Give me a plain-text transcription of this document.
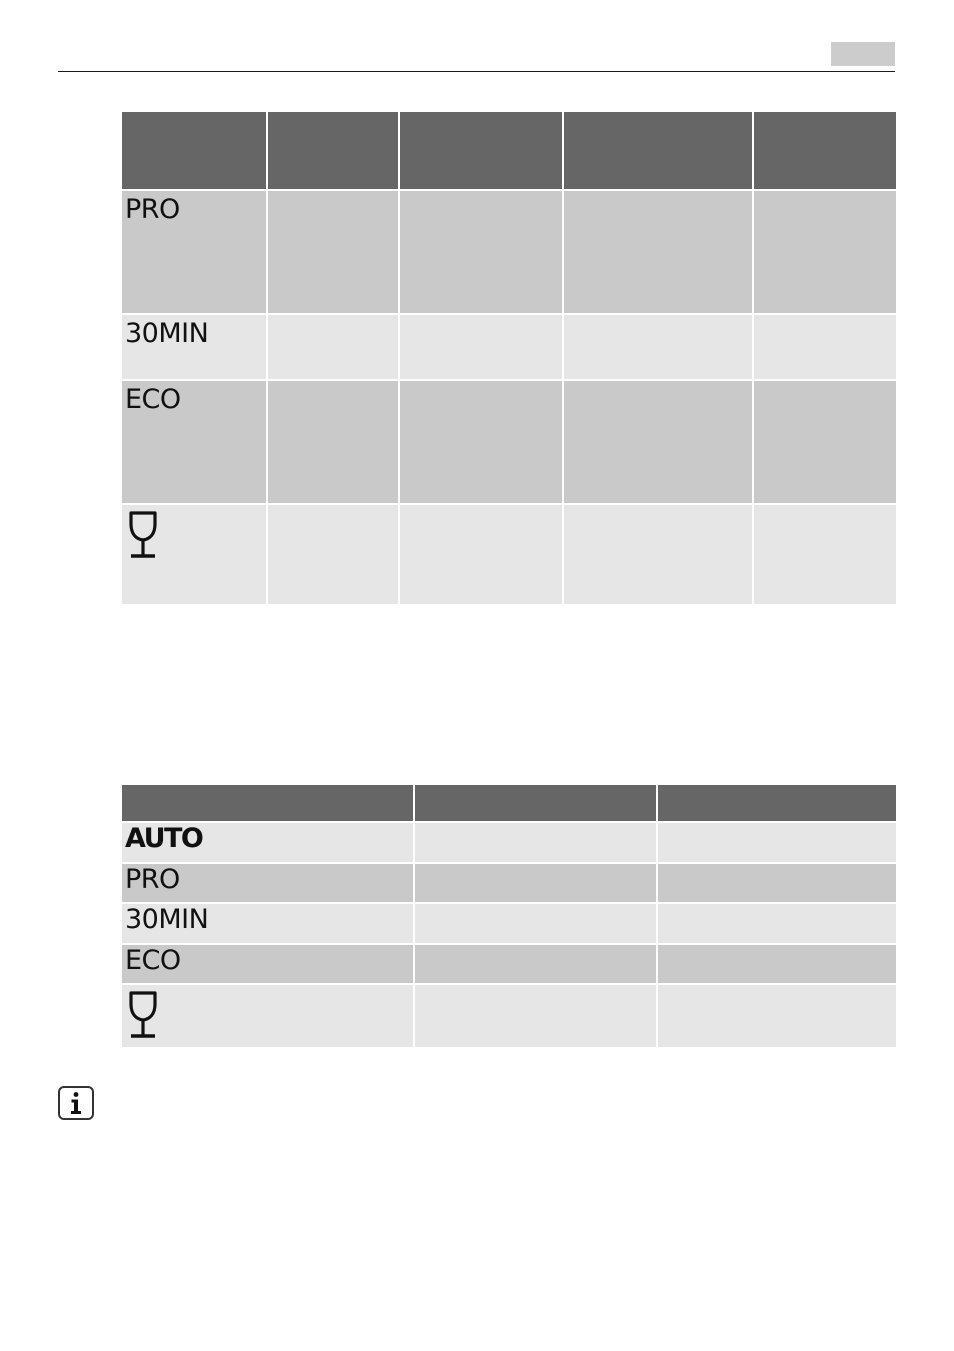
PRO				

30MIN				

ECO				

AUTO		

PRO		

30MIN		

ECO		
